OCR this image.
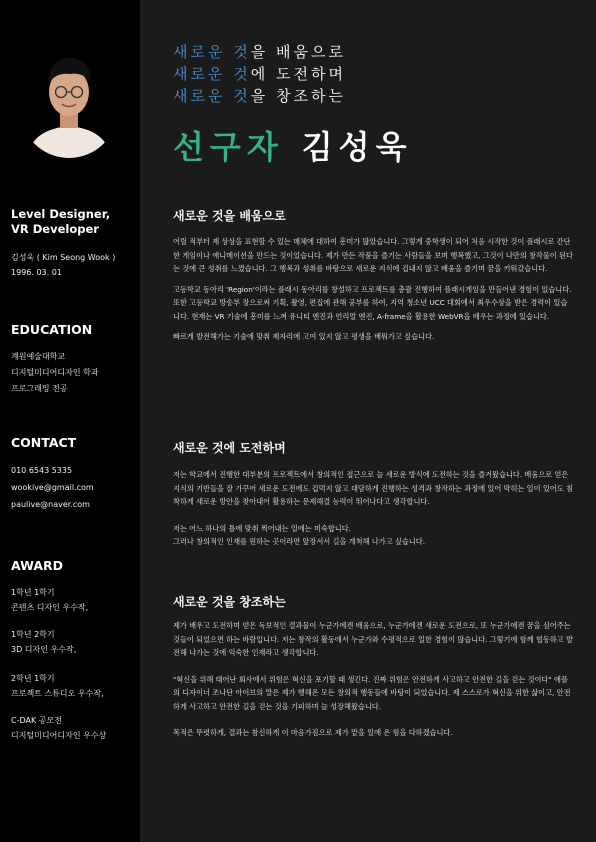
Level Designer,
VR Developer
김성욱 ( Kim Seong Wook )
1996. 03. 01
EDUCATION
계원예술대학교
디지털미디어디자인 학과
프로그래밍 전공
CONTACT
010 6543 5335
wookive@gmail.com
paulive@naver.com
AWARD
1학년 1학기
콘텐츠 디자인 우수작,
1학년 2학기
3D 디자인 우수작,
2학년 1학기
프로젝트 스튜디오 우수작,
C-DAK 공모전
디지털미디어디자인 우수상
새로운 것을 배움으로
새로운 것에 도전하며
새로운 것을 창조하는
선구자 김성욱
새로운 것을 배움으로

어릴 적부터 제 상상을 표현할 수 있는 매체에 대하여 흥미가 많았습니다. 그렇게 중학생이 되어 처음 시작한 것이 플래시로 간단한 게임이나 애니메이션을 만드는 것이었습니다. 제가 만든 작품을 즐기는 사람들을 보며 행복했고, 그것이 나만의 창작물이 된다는 것에 큰 성취를 느꼈습니다. 그 행복과 성취를 바탕으로 새로운 지식에 겁내지 않고 배움을 즐기며 꿈을 키워갔습니다.

고등학교 동아리 'Region'이라는 플래시 동아리를 창설하고 프로젝트를 총괄 진행하여 플래시게임을 만들어낸 경험이 있습니다. 또한 고등학교 방송부 장으로써 기획, 촬영, 편집에 관해 공부를 하여, 지역 청소년 UCC 대회에서 최우수상을 받은 경력이 있습니다. 현재는 VR 기술에 흥미를 느껴 유니티 엔진과 언리얼 엔진, A-frame을 활용한 WebVR을 배우는 과정에 있습니다.

빠르게 발전해가는 기술에 맞춰 제자리에 고여 있지 않고 평생을 배워가고 싶습니다.

새로운 것에 도전하며

저는 학교에서 진행한 대부분의 프로젝트에서 창의적인 접근으로 늘 새로운 방식에 도전하는 것을 즐겨왔습니다. 배움으로 얻은 지식의 기반들을 잘 가꾸어 새로운 도전에도 겁먹지 않고 대담하게 진행하는 성격과 창작하는 과정에 있어 막히는 일이 있어도 침착하게 새로운 방안을 찾아내어 활용하는 문제해결 능력이 뛰어나다고 생각합니다.

저는 어느 하나의 틀에 맞춰 찍어내는 일에는 미숙합니다.
그러나 창의적인 인재를 원하는 곳이라면 앞장서서 길을 개척해 나가고 싶습니다.

새로운 것을 창조하는

제가 배우고 도전하며 얻은 독보적인 결과물이 누군가에겐 배움으로, 누군가에겐 새로운 도전으로, 또 누군가에겐 꿈을 심어주는 것들이 되었으면 하는 바람입니다. 저는 창작의 활동에서 누군가와 수평적으로 일한 경험이 많습니다. 그렇기에 함께 협동하고 발전해 나가는 것에 익숙한 인재라고 생각합니다.

"혁신을 위해 태어난 회사에서 위험은 혁신을 포기할 때 생긴다. 진짜 위험은 안전하게 사고하고 안전한 길을 걷는 것이다" 애플의 디자이너 조나단 아이브의 말은 제가 행해온 모든 창의적 행동들에 바탕이 되었습니다. 제 스스로가 혁신을 위한 삶이고, 안전하게 사고하고 안전한 길을 걷는 것을 기피하며 늘 성장해왔습니다.

목적은 뚜렷하게, 결과는 참신하게 이 마음가짐으로 제가 맡을 일에 온 힘을 다하겠습니다.
